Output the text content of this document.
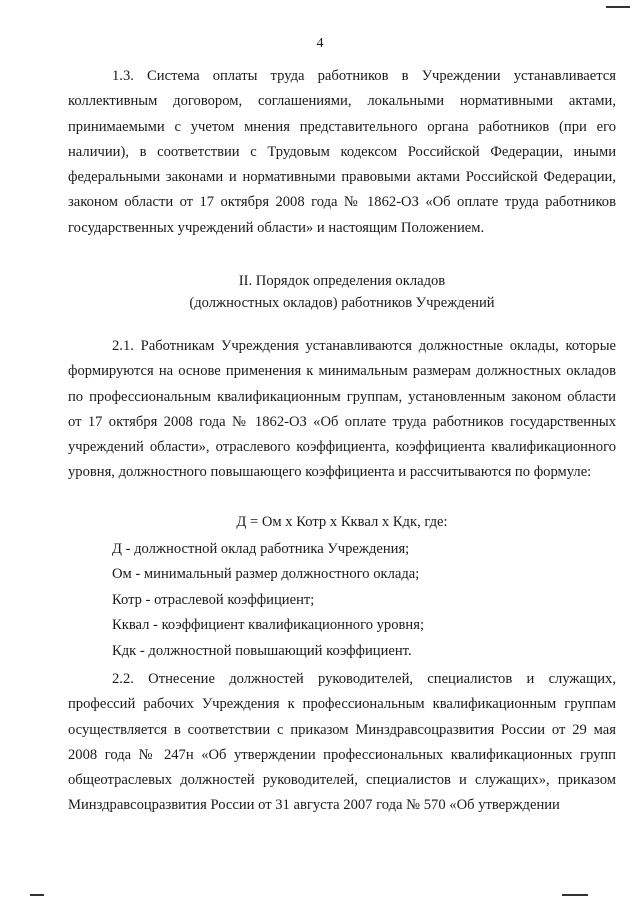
4

1.3. Система оплаты труда работников в Учреждении устанавливается коллективным договором, соглашениями, локальными нормативными актами, принимаемыми с учетом мнения представительного органа работников (при его наличии), в соответствии с Трудовым кодексом Российской Федерации, иными федеральными законами и нормативными правовыми актами Российской Федерации, законом области от 17 октября 2008 года № 1862-ОЗ «Об оплате труда работников государственных учреждений области» и настоящим Положением.

II. Порядок определения окладов
(должностных окладов) работников Учреждений

2.1. Работникам Учреждения устанавливаются должностные оклады, которые формируются на основе применения к минимальным размерам должностных окладов по профессиональным квалификационным группам, установленным законом области от 17 октября 2008 года № 1862-ОЗ «Об оплате труда работников государственных учреждений области», отраслевого коэффициента, коэффициента квалификационного уровня, должностного повышающего коэффициента и рассчитываются по формуле:

Д = Ом x Котр x Кквал x Кдк, где:
Д - должностной оклад работника Учреждения;
Ом - минимальный размер должностного оклада;
Котр - отраслевой коэффициент;
Кквал - коэффициент квалификационного уровня;
Кдк - должностной повышающий коэффициент.

2.2. Отнесение должностей руководителей, специалистов и служащих, профессий рабочих Учреждения к профессиональным квалификационным группам осуществляется в соответствии с приказом Минздравсоцразвития России от 29 мая 2008 года № 247н «Об утверждении профессиональных квалификационных групп общеотраслевых должностей руководителей, специалистов и служащих», приказом Минздравсоцразвития России от 31 августа 2007 года № 570 «Об утверждении
